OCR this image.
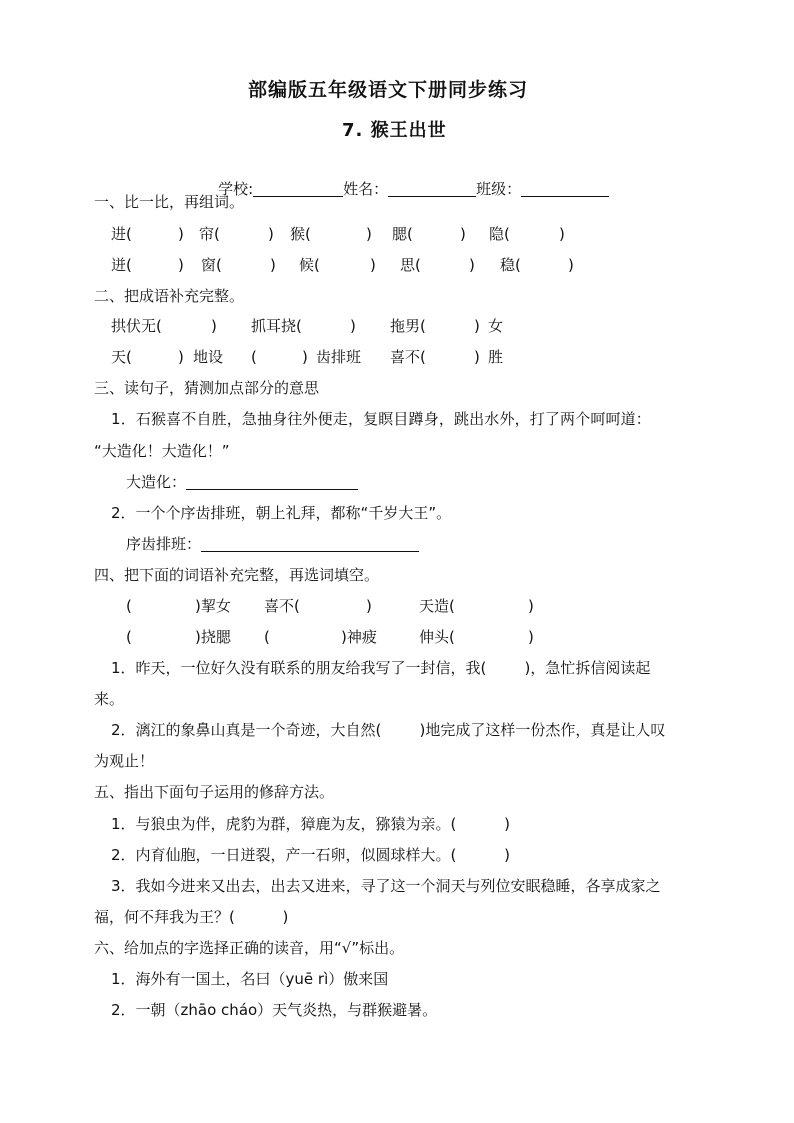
部编版五年级语文下册同步练习
7. 猴王出世

学校:	姓名：	班级：

一、比一比，再组词。
进(	) 帘(	) 猴(	) 腮(	) 隐(	)
迸(	) 窗(	) 候(	) 思(	) 稳(	)
二、把成语补充完整。
拱伏无(	) 抓耳挠(	) 拖男(	) 女
天(	) 地设 (	) 齿排班 喜不(	) 胜
三、读句子，猜测加点部分的意思
1．石猴喜不自胜，急抽身往外便走，复瞑目蹲身，跳出水外，打了两个呵呵道：
“大造化！大造化！”
大造化：
2．一个个序齿排班，朝上礼拜，都称“千岁大王”。
序齿排班：
四、把下面的词语补充完整，再选词填空。
(	)挈女 喜不(	)	天造(	)
(	)挠腮 (	)神疲	伸头(	)
1．昨天，一位好久没有联系的朋友给我写了一封信，我(        )，急忙拆信阅读起
来。
2．漓江的象鼻山真是一个奇迹，大自然(        )地完成了这样一份杰作，真是让人叹
为观止！
五、指出下面句子运用的修辞方法。
1．与狼虫为伴，虎豹为群，獐鹿为友，猕猿为亲。(          )
2．内育仙胞，一日迸裂，产一石卵，似圆球样大。(          )
3．我如今进来又出去，出去又进来，寻了这一个洞天与列位安眠稳睡，各享成家之
福，何不拜我为王？(          )
六、给加点的字选择正确的读音，用“√”标出。
1．海外有一国土，名曰（yuē rì）傲来国
2．一朝（zhāo cháo）天气炎热，与群猴避暑。
